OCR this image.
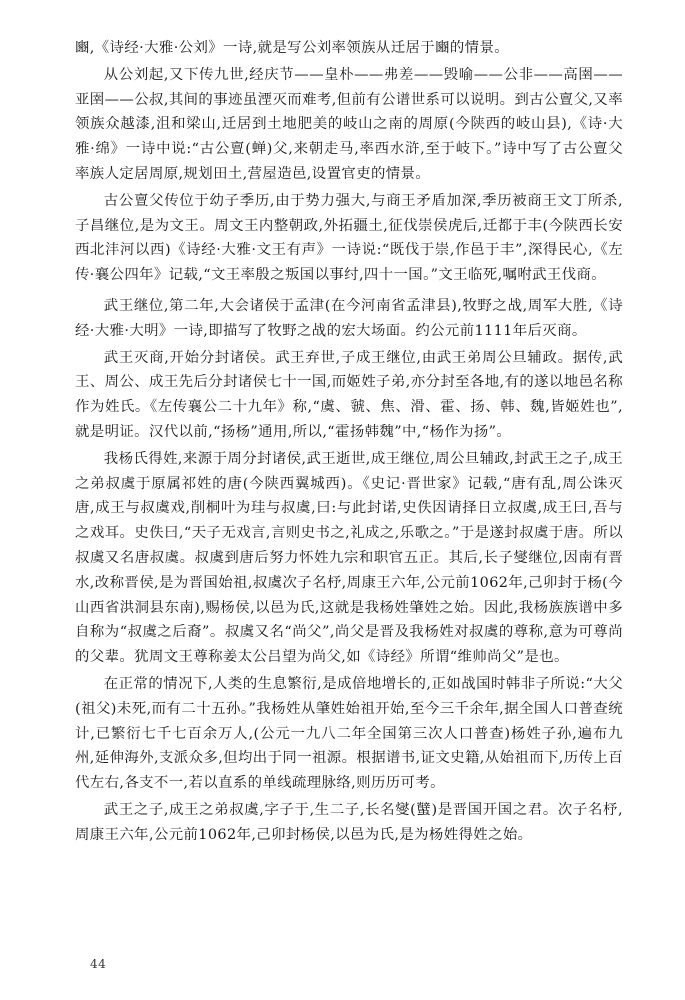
豳,《诗经·大雅·公刘》一诗,就是写公刘率领族从迁居于豳的情景。

从公刘起,又下传九世,经庆节——皇朴——弗差——毁喻——公非——高圉——亚圉——公叔,其间的事迹虽湮灭而难考,但前有公谱世系可以说明。到古公亶父,又率领族众越漆,沮和梁山,迁居到土地肥美的岐山之南的周原(今陕西的岐山县),《诗·大雅·绵》一诗中说:“古公亶(蝉)父,来朝走马,率西水浒,至于岐下。”诗中写了古公亶父率族人定居周原,规划田土,营屋造邑,设置官吏的情景。

古公亶父传位于幼子季历,由于势力强大,与商王矛盾加深,季历被商王文丁所杀,子昌继位,是为文王。周文王内整朝政,外拓疆土,征伐崇侯虎后,迁都于丰(今陕西长安西北沣河以西)《诗经·大雅·文王有声》一诗说:“既伐于崇,作邑于丰”,深得民心,《左传·襄公四年》记载,“文王率殷之叛国以事纣,四十一国。”文王临死,嘱咐武王伐商。

武王继位,第二年,大会诸侯于孟津(在今河南省孟津县),牧野之战,周军大胜,《诗经·大雅·大明》一诗,即描写了牧野之战的宏大场面。约公元前1111年后灭商。

武王灭商,开始分封诸侯。武王弃世,子成王继位,由武王弟周公旦辅政。据传,武王、周公、成王先后分封诸侯七十一国,而姬姓子弟,亦分封至各地,有的遂以地邑名称作为姓氏。《左传襄公二十九年》称,“虞、虢、焦、滑、霍、扬、韩、魏,皆姬姓也”,就是明证。汉代以前,“扬杨”通用,所以,“霍扬韩魏”中,“杨作为扬”。

我杨氏得姓,来源于周分封诸侯,武王逝世,成王继位,周公旦辅政,封武王之子,成王之弟叔虞于原属祁姓的唐(今陕西翼城西)。《史记·晋世家》记载,“唐有乱,周公诛灭唐,成王与叔虞戏,削桐叶为珪与叔虞,曰:与此封诺,史佚因请择日立叔虞,成王曰,吾与之戏耳。史佚曰,“天子无戏言,言则史书之,礼成之,乐歌之。”于是遂封叔虞于唐。所以叔虞又名唐叔虞。叔虞到唐后努力怀姓九宗和职官五正。其后,长子燮继位,因南有晋水,改称晋侯,是为晋国始祖,叔虞次子名杼,周康王六年,公元前1062年,己卯封于杨(今山西省洪洞县东南),赐杨侯,以邑为氏,这就是我杨姓肇姓之始。因此,我杨族族谱中多自称为“叔虞之后裔”。叔虞又名“尚父”,尚父是晋及我杨姓对叔虞的尊称,意为可尊尚的父辈。犹周文王尊称姜太公吕望为尚父,如《诗经》所谓“维帅尚父”是也。

在正常的情况下,人类的生息繁衍,是成倍地增长的,正如战国时韩非子所说:“大父(祖父)未死,而有二十五孙。”我杨姓从肇姓始祖开始,至今三千余年,据全国人口普查统计,已繁衍七千七百余万人,(公元一九八二年全国第三次人口普查)杨姓子孙,遍布九州,延伸海外,支派众多,但均出于同一祖源。根据谱书,证文史籍,从始祖而下,历传上百代左右,各支不一,若以直系的单线疏理脉络,则历历可考。

武王之子,成王之弟叔虞,字子于,生二子,长名燮(蠥)是晋国开国之君。次子名杼,周康王六年,公元前1062年,己卯封杨侯,以邑为氏,是为杨姓得姓之始。

44
